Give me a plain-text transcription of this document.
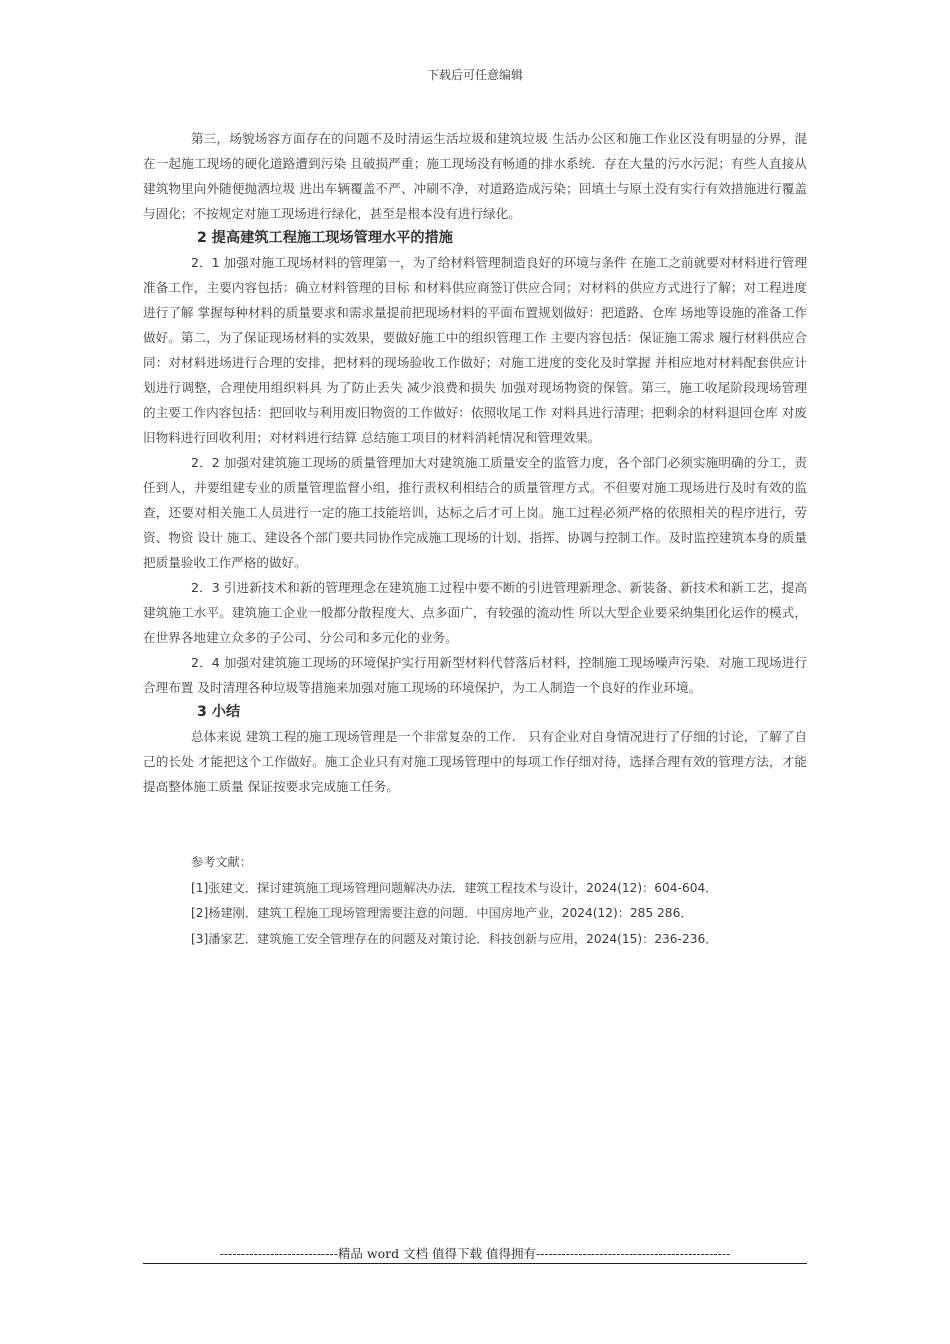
下载后可任意编辑

第三，场貌场容方面存在的问题不及时清运生活垃圾和建筑垃圾 生活办公区和施工作业区没有明显的分界，混在一起施工现场的硬化道路遭到污染 且破损严重；施工现场没有畅通的排水系统．存在大量的污水污泥；有些人直接从建筑物里向外随便抛洒垃圾 进出车辆覆盖不严、冲刷不净，对道路造成污染；回填土与原土没有实行有效措施进行覆盖与固化；不按规定对施工现场进行绿化，甚至是根本没有进行绿化。

2 提高建筑工程施工现场管理水平的措施

2．1 加强对施工现场材料的管理第一，为了给材料管理制造良好的环境与条件 在施工之前就要对材料进行管理准备工作，主要内容包括：确立材料管理的目标 和材料供应商签订供应合同；对材料的供应方式进行了解；对工程进度进行了解 掌握每种材料的质量要求和需求量提前把现场材料的平面布置规划做好：把道路、仓库 场地等设施的准备工作做好。第二，为了保证现场材料的实效果，要做好施工中的组织管理工作 主要内容包括：保证施工需求 履行材料供应合同：对材料进场进行合理的安排，把材料的现场验收工作做好；对施工进度的变化及时掌握 并相应地对材料配套供应计划进行调整，合理使用组织料具 为了防止丢失 减少浪费和损失 加强对现场物资的保管。第三，施工收尾阶段现场管理的主要工作内容包括：把回收与利用废旧物资的工作做好：依照收尾工作 对料具进行清理；把剩余的材料退回仓库 对废旧物料进行回收利用；对材料进行结算 总结施工项目的材料消耗情况和管理效果。

2．2 加强对建筑施工现场的质量管理加大对建筑施工质量安全的监管力度，各个部门必须实施明确的分工，责任到人，并要组建专业的质量管理监督小组，推行责权利相结合的质量管理方式。不但要对施工现场进行及时有效的监查，还要对相关施工人员进行一定的施工技能培训，达标之后才可上岗。施工过程必须严格的依照相关的程序进行，劳资、物资 设计 施工、建设各个部门要共同协作完成施工现场的计划、指挥、协调与控制工作。及时监控建筑本身的质量 把质量验收工作严格的做好。

2．3 引进新技术和新的管理理念在建筑施工过程中要不断的引进管理新理念、新装备、新技术和新工艺，提高建筑施工水平。建筑施工企业一般都分散程度大、点多面广，有较强的流动性 所以大型企业要采纳集团化运作的模式，在世界各地建立众多的子公司、分公司和多元化的业务。

2．4 加强对建筑施工现场的环境保护实行用新型材料代替落后材料，控制施工现场噪声污染．对施工现场进行合理布置 及时清理各种垃圾等措施来加强对施工现场的环境保护，为工人制造一个良好的作业环境。

3 小结

总体来说 建筑工程的施工现场管理是一个非常复杂的工作． 只有企业对自身情况进行了仔细的讨论，了解了自己的长处 才能把这个工作做好。施工企业只有对施工现场管理中的每项工作仔细对待，选择合理有效的管理方法，才能提高整体施工质量 保证按要求完成施工任务。

参考文献：
[1]张建文．探讨建筑施工现场管理问题解决办法．建筑工程技术与设计，2024(12)：604-604．
[2]杨建刚．建筑工程施工现场管理需要注意的问题．中国房地产业，2024(12)：285 286．
[3]潘家艺．建筑施工安全管理存在的问题及对策讨论．科技创新与应用，2024(15)：236-236．
----------------------------精品 word 文档 值得下载 值得拥有----------------------------------------------
